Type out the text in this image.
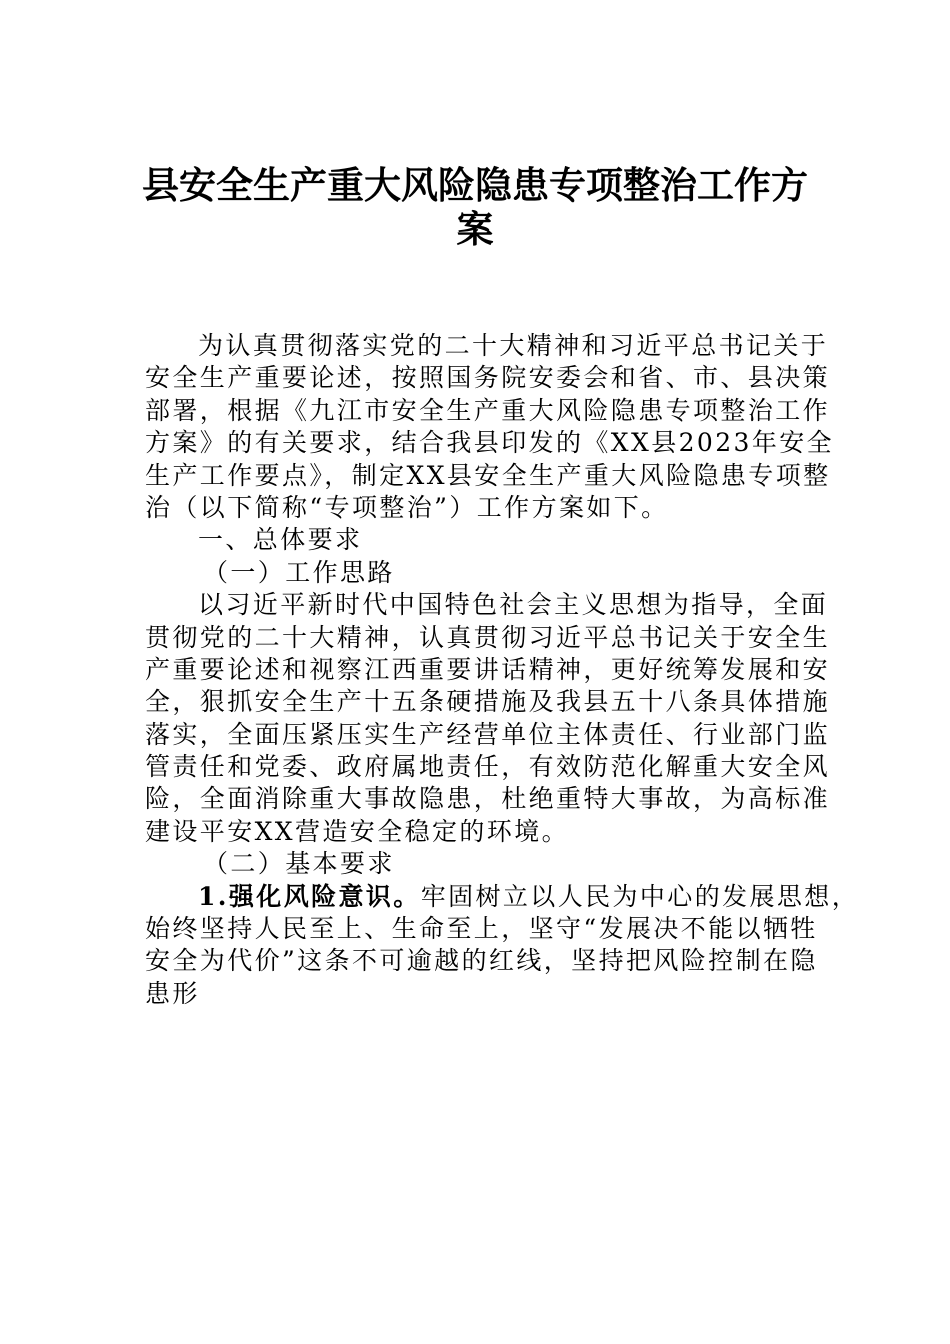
县安全生产重大风险隐患专项整治工作方
案
为认真贯彻落实党的二十大精神和习近平总书记关于
安全生产重要论述，按照国务院安委会和省、市、县决策
部署，根据《九江市安全生产重大风险隐患专项整治工作
方案》的有关要求，结合我县印发的《XX县2023年安全
生产工作要点》，制定XX县安全生产重大风险隐患专项整
治（以下简称“专项整治”）工作方案如下。
一、总体要求
（一）工作思路
以习近平新时代中国特色社会主义思想为指导，全面
贯彻党的二十大精神，认真贯彻习近平总书记关于安全生
产重要论述和视察江西重要讲话精神，更好统筹发展和安
全，狠抓安全生产十五条硬措施及我县五十八条具体措施
落实，全面压紧压实生产经营单位主体责任、行业部门监
管责任和党委、政府属地责任，有效防范化解重大安全风
险，全面消除重大事故隐患，杜绝重特大事故，为高标准
建设平安XX营造安全稳定的环境。
（二）基本要求
1.强化风险意识。牢固树立以人民为中心的发展思想，
始终坚持人民至上、生命至上，坚守“发展决不能以牺牲
安全为代价”这条不可逾越的红线，坚持把风险控制在隐
患形
